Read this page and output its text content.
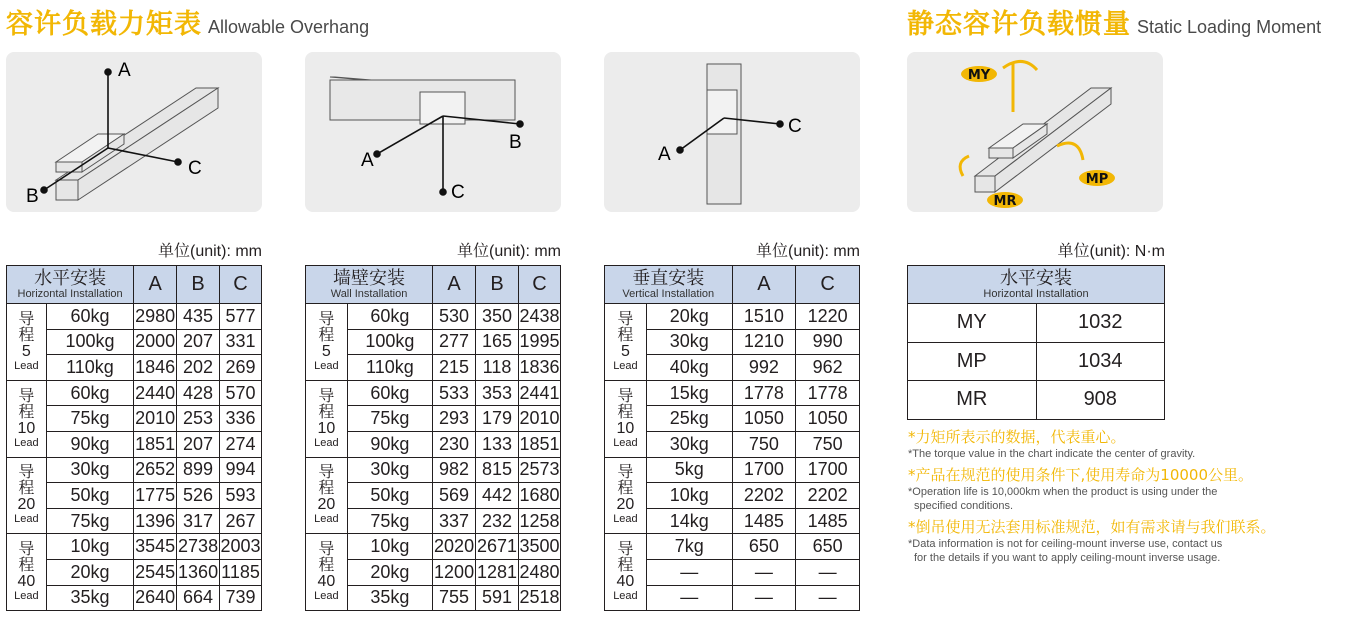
容许负载力矩表 Allowable Overhang	静态容许负载惯量 Static Loading Moment
A
C
B
A
B
C
A
C
MY
MP
MR
单位(unit): mm	单位(unit): mm	单位(unit): mm	单位(unit): N·m
水平安装
Horizontal Installation		A	B	C

导
程
5
Lead	60kg	2980	435	577
	100kg	2000	207	331
	110kg	1846	202	269

导
程
10
Lead	60kg	2440	428	570
	75kg	2010	253	336
	90kg	1851	207	274

导
程
20
Lead	30kg	2652	899	994
	50kg	1775	526	593
	75kg	1396	317	267

导
程
40
Lead	10kg	3545	2738	2003
	20kg	2545	1360	1185
	35kg	2640	664	739
墙壁安装
Wall Installation		A	B	C

导
程
5
Lead	60kg	530	350	2438
	100kg	277	165	1995
	110kg	215	118	1836

导
程
10
Lead	60kg	533	353	2441
	75kg	293	179	2010
	90kg	230	133	1851

导
程
20
Lead	30kg	982	815	2573
	50kg	569	442	1680
	75kg	337	232	1258

导
程
40
Lead	10kg	2020	2671	3500
	20kg	1200	1281	2480
	35kg	755	591	2518
垂直安装
Vertical Installation		A	C

导
程
5
Lead	20kg	1510	1220
	30kg	1210	990
	40kg	992	962

导
程
10
Lead	15kg	1778	1778
	25kg	1050	1050
	30kg	750	750

导
程
20
Lead	5kg	1700	1700
	10kg	2202	2202
	14kg	1485	1485

导
程
40
Lead	7kg	650	650
	—	—	—
	—	—	—
水平安装
Horizontal Installation	

MY	1032
MP	1034
MR	908
*力矩所表示的数据，代表重心。
*The torque value in the chart indicate the center of gravity.
*产品在规范的使用条件下,使用寿命为10000公里。
*Operation life is 10,000km when the product is using under the
specified conditions.
*倒吊使用无法套用标准规范，如有需求请与我们联系。
*Data information is not for ceiling-mount inverse use, contact us
for the details if you want to apply ceiling-mount inverse usage.
